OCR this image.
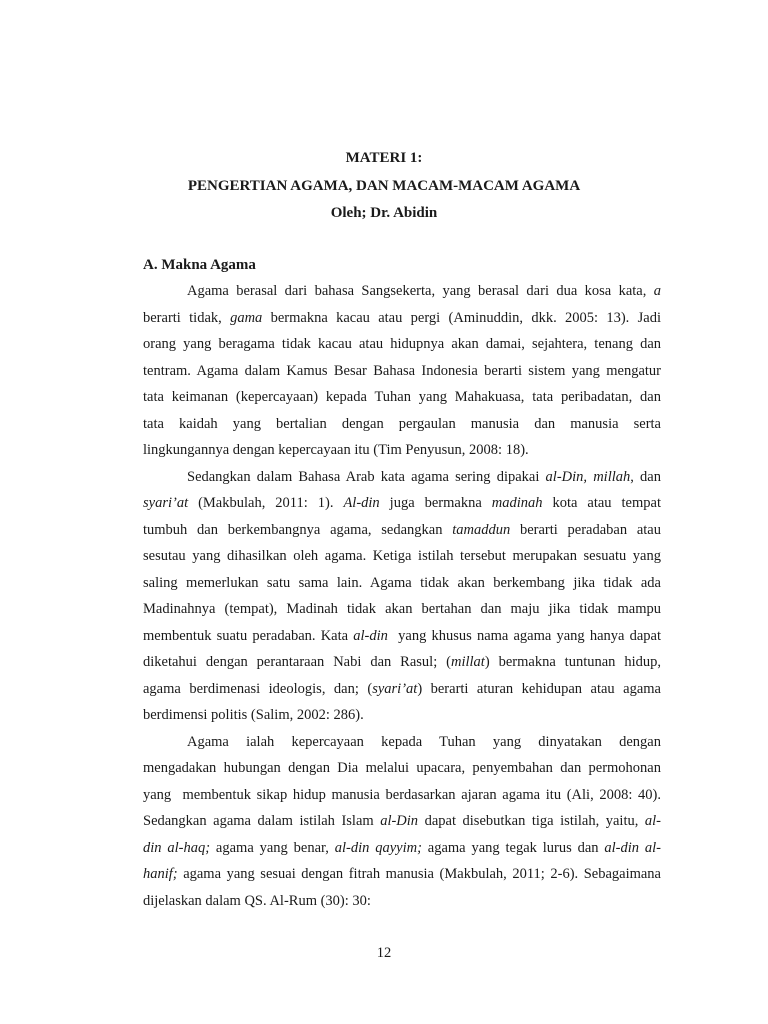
MATERI 1:

PENGERTIAN AGAMA, DAN MACAM-MACAM AGAMA

Oleh; Dr. Abidin

A. Makna Agama

Agama berasal dari bahasa Sangsekerta, yang berasal dari dua kosa kata, a

berarti tidak, gama bermakna kacau atau pergi (Aminuddin, dkk. 2005: 13). Jadi

orang yang beragama tidak kacau atau hidupnya akan damai, sejahtera, tenang dan

tentram. Agama dalam Kamus Besar Bahasa Indonesia berarti sistem yang mengatur

tata keimanan (kepercayaan) kepada Tuhan yang Mahakuasa, tata peribadatan, dan

tata kaidah yang bertalian dengan pergaulan manusia dan manusia serta

lingkungannya dengan kepercayaan itu (Tim Penyusun, 2008: 18).

Sedangkan dalam Bahasa Arab kata agama sering dipakai al-Din, millah, dan

syari’at (Makbulah, 2011: 1). Al-din juga bermakna madinah kota atau tempat

tumbuh dan berkembangnya agama, sedangkan tamaddun berarti peradaban atau

sesutau yang dihasilkan oleh agama. Ketiga istilah tersebut merupakan sesuatu yang

saling memerlukan satu sama lain. Agama tidak akan berkembang jika tidak ada

Madinahnya (tempat), Madinah tidak akan bertahan dan maju jika tidak mampu

membentuk suatu peradaban. Kata al-din  yang khusus nama agama yang hanya dapat

diketahui dengan perantaraan Nabi dan Rasul; (millat) bermakna tuntunan hidup,

agama berdimenasi ideologis, dan; (syari’at) berarti aturan kehidupan atau agama

berdimensi politis (Salim, 2002: 286).

Agama ialah kepercayaan kepada Tuhan yang dinyatakan dengan

mengadakan hubungan dengan Dia melalui upacara, penyembahan dan permohonan

yang  membentuk sikap hidup manusia berdasarkan ajaran agama itu (Ali, 2008: 40).

Sedangkan agama dalam istilah Islam al-Din dapat disebutkan tiga istilah, yaitu, al-

din al-haq; agama yang benar, al-din qayyim; agama yang tegak lurus dan al-din al-

hanif; agama yang sesuai dengan fitrah manusia (Makbulah, 2011; 2-6). Sebagaimana

dijelaskan dalam QS. Al-Rum (30): 30:

12
